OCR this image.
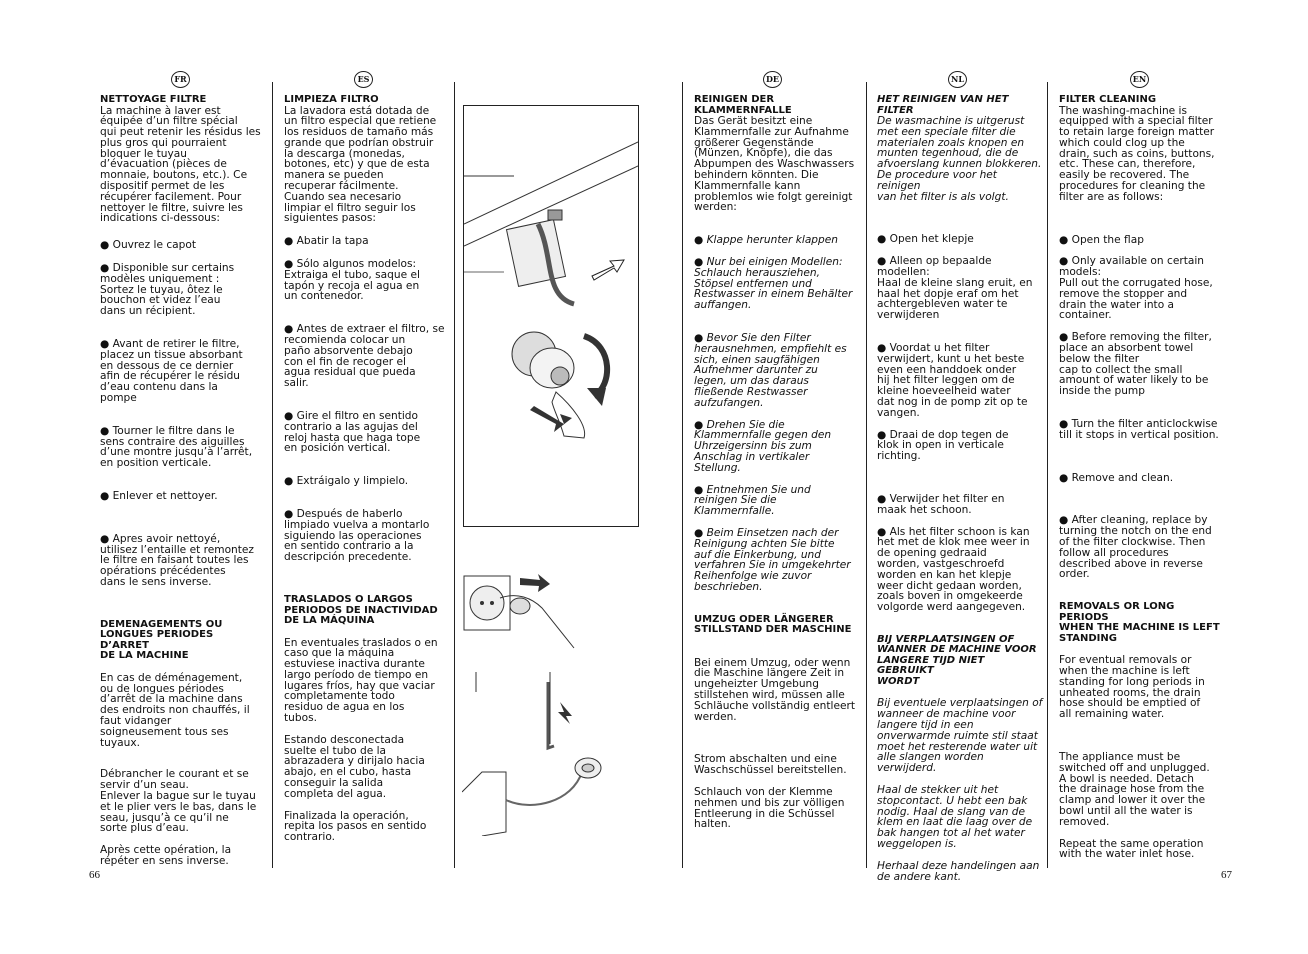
FR	ES
NETTOYAGE FILTRE

La machine à laver est
équipée d’un filtre spécial
qui peut retenir les résidus les
plus gros qui pourraient
bloquer le tuyau
d’évacuation (pièces de
monnaie, boutons, etc.). Ce
dispositif permet de les
récupérer facilement. Pour
nettoyer le filtre, suivre les
indications ci-dessous:

● Ouvrez le capot

● Disponible sur certains
modèles uniquement :
Sortez le tuyau, ôtez le
bouchon et videz l’eau
dans un récipient.

● Avant de retirer le filtre,
placez un tissue absorbant
en dessous de ce dernier
afin de récupérer le résidu
d’eau contenu dans la
pompe

● Tourner le filtre dans le
sens contraire des aiguilles
d’une montre jusqu’à l’arrêt,
en position verticale.

● Enlever et nettoyer.

● Apres avoir nettoyé,
utilisez l’entaille et remontez
le filtre en faisant toutes les
opérations précédentes
dans le sens inverse.

DEMENAGEMENTS OU
LONGUES PERIODES D’ARRET
DE LA MACHINE

En cas de déménagement,
ou de longues périodes
d’arrêt de la machine dans
des endroits non chauffés, il
faut vidanger
soigneusement tous ses
tuyaux.

Débrancher le courant et se
servir d’un seau.
Enlever la bague sur le tuyau
et le plier vers le bas, dans le
seau, jusqu’à ce qu’il ne
sorte plus d’eau.

Après cette opération, la
répéter en sens inverse.

LIMPIEZA FILTRO

La lavadora está dotada de
un filtro especial que retiene
los residuos de tamaño más
grande que podrían obstruir
la descarga (monedas,
botones, etc) y que de esta
manera se pueden
recuperar fácilmente.
Cuando sea necesario
limpiar el filtro seguir los
siguientes pasos:

● Abatir la tapa

● Sólo algunos modelos:
Extraiga el tubo, saque el
tapón y recoja el agua en
un contenedor.

● Antes de extraer el filtro, se
recomienda colocar un
paño absorvente debajo
con el fin de recoger el
agua residual que pueda
salir.

● Gire el filtro en sentido
contrario a las agujas del
reloj hasta que haga tope
en posición vertical.

● Extráigalo y limpielo.

● Después de haberlo
limpiado vuelva a montarlo
siguiendo las operaciones
en sentido contrario a la
descripción precedente.

TRASLADOS O LARGOS
PERIODOS DE INACTIVIDAD
DE LA MÁQUINA

En eventuales traslados o en
caso que la máquina
estuviese inactiva durante
largo período de tiempo en
lugares fríos, hay que vaciar
completamente todo
residuo de agua en los
tubos.

Estando desconectada
suelte el tubo de la
abrazadera y dirijalo hacia
abajo, en el cubo, hasta
conseguir la salida
completa del agua.

Finalizada la operación,
repita los pasos en sentido
contrario.

66
DE	NL	EN
REINIGEN DER
KLAMMERNFALLE

Das Gerät besitzt eine
Klammernfalle zur Aufnahme
größerer Gegenstände
(Münzen, Knöpfe), die das
Abpumpen des Waschwassers
behindern könnten. Die
Klammernfalle kann
problemlos wie folgt gereinigt
werden:

● Klappe herunter klappen

● Nur bei einigen Modellen:
Schlauch herausziehen,
Stöpsel entfernen und
Restwasser in einem Behälter
auffangen.

● Bevor Sie den Filter
herausnehmen, empfiehlt es
sich, einen saugfähigen
Aufnehmer darunter zu
legen, um das daraus
fließende Restwasser
aufzufangen.

● Drehen Sie die
Klammernfalle gegen den
Uhrzeigersinn bis zum
Anschlag in vertikaler
Stellung.

● Entnehmen Sie und
reinigen Sie die
Klammernfalle.

● Beim Einsetzen nach der
Reinigung achten Sie bitte
auf die Einkerbung, und
verfahren Sie in umgekehrter
Reihenfolge wie zuvor
beschrieben.

UMZUG ODER LÄNGERER
STILLSTAND DER MASCHINE

Bei einem Umzug, oder wenn
die Maschine längere Zeit in
ungeheizter Umgebung
stillstehen wird, müssen alle
Schläuche vollständig entleert
werden.

Strom abschalten und eine
Waschschüssel bereitstellen.

Schlauch von der Klemme
nehmen und bis zur völligen
Entleerung in die Schüssel
halten.

HET REINIGEN VAN HET FILTER

De wasmachine is uitgerust
met een speciale filter die
materialen zoals knopen en
munten tegenhoud, die de
afvoerslang kunnen blokkeren.
De procedure voor het reinigen
van het filter is als volgt.

● Open het klepje

● Alleen op bepaalde
modellen:
Haal de kleine slang eruit, en
haal het dopje eraf om het
achtergebleven water te
verwijderen

● Voordat u het filter
verwijdert, kunt u het beste
even een handdoek onder
hij het filter leggen om de
kleine hoeveelheid water
dat nog in de pomp zit op te
vangen.

● Draai de dop tegen de
klok in open in verticale
richting.

● Verwijder het filter en
maak het schoon.

● Als het filter schoon is kan
het met de klok mee weer in
de opening gedraaid
worden, vastgeschroefd
worden en kan het klepje
weer dicht gedaan worden,
zoals boven in omgekeerde
volgorde werd aangegeven.

BIJ VERPLAATSINGEN OF
WANNER DE MACHINE VOOR
LANGERE TIJD NIET GEBRUIKT
WORDT

Bij eventuele verplaatsingen of
wanneer de machine voor
langere tijd in een
onverwarmde ruimte stil staat
moet het resterende water uit
alle slangen worden
verwijderd.

Haal de stekker uit het
stopcontact. U hebt een bak
nodig. Haal de slang van de
klem en laat die laag over de
bak hangen tot al het water
weggelopen is.

Herhaal deze handelingen aan
de andere kant.

FILTER CLEANING

The washing-machine is
equipped with a special filter
to retain large foreign matter
which could clog up the
drain, such as coins, buttons,
etc. These can, therefore,
easily be recovered. The
procedures for cleaning the
filter are as follows:

● Open the flap

● Only available on certain
models:
Pull out the corrugated hose,
remove the stopper and
drain the water into a
container.

● Before removing the filter,
place an absorbent towel
below the filter
cap to collect the small
amount of water likely to be
inside the pump

● Turn the filter anticlockwise
till it stops in vertical position.

● Remove and clean.

● After cleaning, replace by
turning the notch on the end
of the filter clockwise. Then
follow all procedures
described above in reverse
order.

REMOVALS OR LONG PERIODS
WHEN THE MACHINE IS LEFT
STANDING

For eventual removals or
when the machine is left
standing for long periods in
unheated rooms, the drain
hose should be emptied of
all remaining water.

The appliance must be
switched off and unplugged.
A bowl is needed. Detach
the drainage hose from the
clamp and lower it over the
bowl until all the water is
removed.

Repeat the same operation
with the water inlet hose.

67
